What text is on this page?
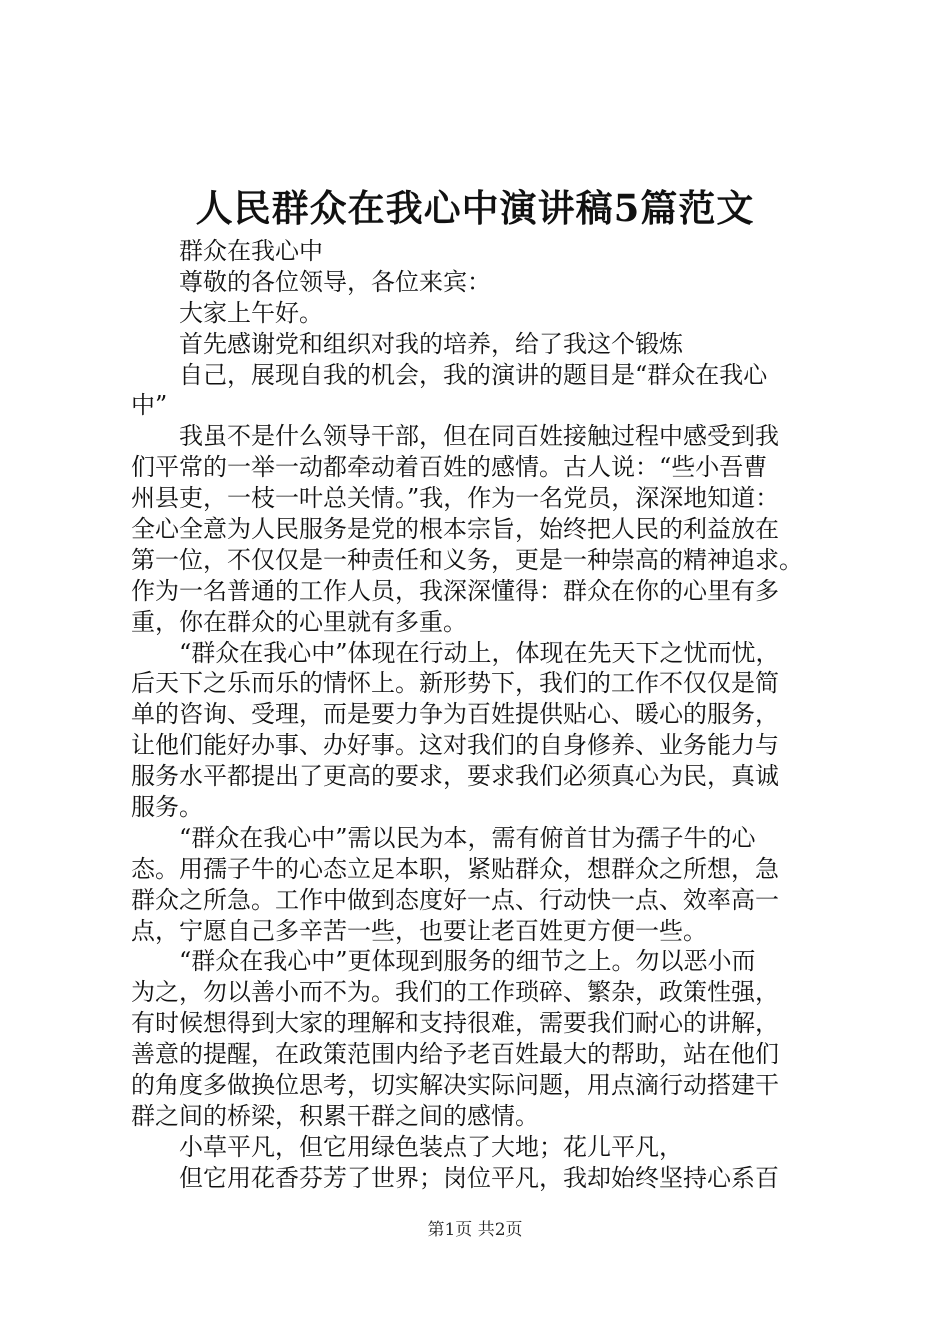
人民群众在我心中演讲稿5篇范文
群众在我心中
尊敬的各位领导，各位来宾：
大家上午好。
首先感谢党和组织对我的培养，给了我这个锻炼
自己，展现自我的机会，我的演讲的题目是“群众在我心
中”
我虽不是什么领导干部，但在同百姓接触过程中感受到我
们平常的一举一动都牵动着百姓的感情。古人说：“些小吾曹
州县吏，一枝一叶总关情。”我，作为一名党员，深深地知道：
全心全意为人民服务是党的根本宗旨，始终把人民的利益放在
第一位，不仅仅是一种责任和义务，更是一种崇高的精神追求。
作为一名普通的工作人员，我深深懂得：群众在你的心里有多
重，你在群众的心里就有多重。
“群众在我心中”体现在行动上，体现在先天下之忧而忧，
后天下之乐而乐的情怀上。新形势下，我们的工作不仅仅是简
单的咨询、受理，而是要力争为百姓提供贴心、暖心的服务，
让他们能好办事、办好事。这对我们的自身修养、业务能力与
服务水平都提出了更高的要求，要求我们必须真心为民，真诚
服务。
“群众在我心中”需以民为本，需有俯首甘为孺子牛的心
态。用孺子牛的心态立足本职，紧贴群众，想群众之所想，急
群众之所急。工作中做到态度好一点、行动快一点、效率高一
点，宁愿自己多辛苦一些，也要让老百姓更方便一些。
“群众在我心中”更体现到服务的细节之上。勿以恶小而
为之，勿以善小而不为。我们的工作琐碎、繁杂，政策性强，
有时候想得到大家的理解和支持很难，需要我们耐心的讲解，
善意的提醒，在政策范围内给予老百姓最大的帮助，站在他们
的角度多做换位思考，切实解决实际问题，用点滴行动搭建干
群之间的桥梁，积累干群之间的感情。
小草平凡，但它用绿色装点了大地；花儿平凡，
但它用花香芬芳了世界；岗位平凡，我却始终坚持心系百
第1页 共2页
